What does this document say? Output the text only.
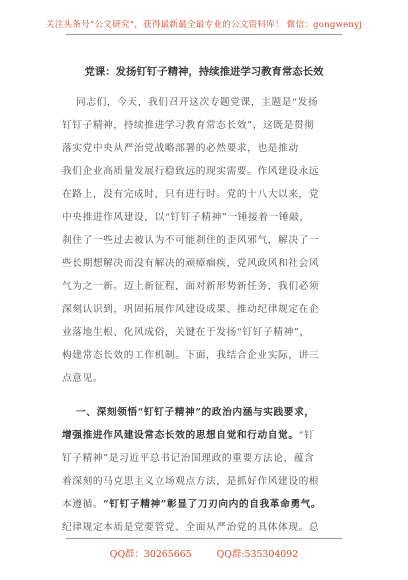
关注头条号“公文研究”，获得最新最全最专业的公文资料库！ 微信：gongwenyj
党课：发扬钉钉子精神，持续推进学习教育常态长效
同志们，今天，我们召开这次专题党课，主题是“发扬
钉钉子精神，持续推进学习教育常态长效”，这既是贯彻
落实党中央从严治党战略部署的必然要求，也是推动
我们企业高质量发展行稳致远的现实需要。作风建设永远
在路上，没有完成时，只有进行时。党的十八大以来，党
中央推进作风建设，以“钉钉子精神”一锤接着一锤敲，
刹住了一些过去被认为不可能刹住的歪风邪气，解决了一
些长期想解决而没有解决的顽瘴痼疾，党风政风和社会风
气为之一新。迈上新征程，面对新形势新任务，我们必须
深刻认识到，巩固拓展作风建设成果、推动纪律规定在企
业落地生根、化风成俗，关键在于发扬“钉钉子精神”，
构建常态长效的工作机制。下面，我结合企业实际，讲三
点意见。
一、深刻领悟“钉钉子精神”的政治内涵与实践要求，
增强推进作风建设常态长效的思想自觉和行动自觉。“钉
钉子精神”是习近平总书记治国理政的重要方法论，蕴含
着深刻的马克思主义立场观点方法，是抓好作风建设的根
本遵循。“钉钉子精神”彰显了刀刃向内的自我革命勇气。
纪律规定本质是党要管党、全面从严治党的具体体现。总
QQ群：30265665	QQ群:535304092
